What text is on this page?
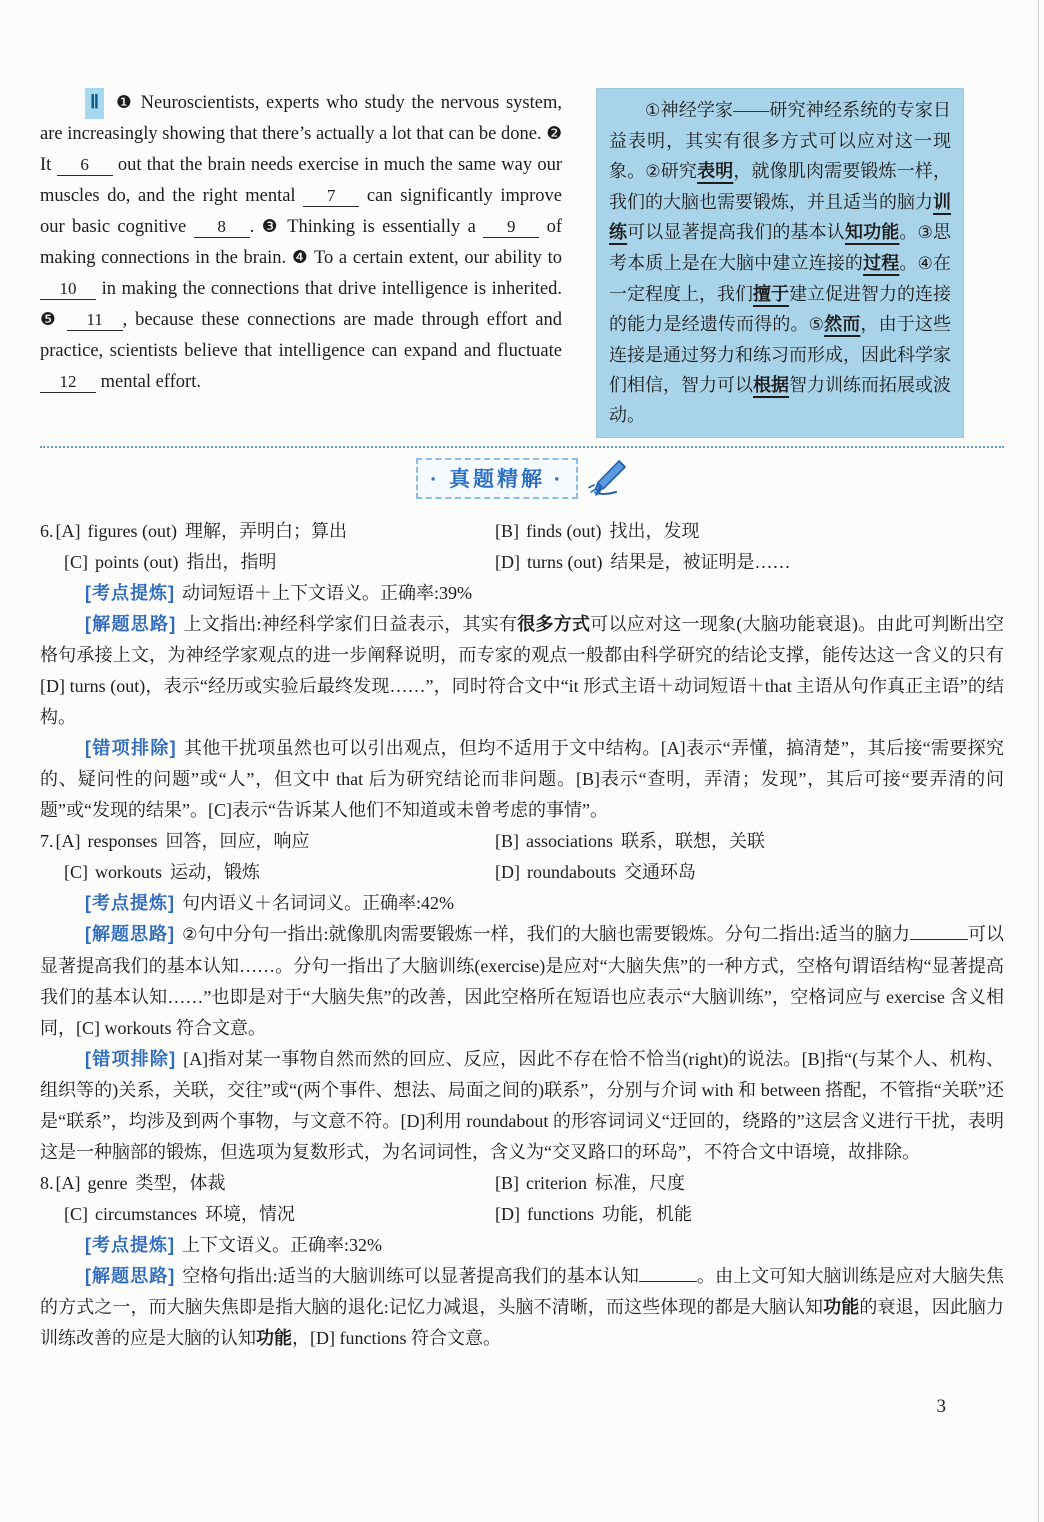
Ⅱ ❶ Neuroscientists, experts who study the nervous system, are increasingly showing that there’s actually a lot that can be done. ❷ It 6 out that the brain needs exercise in much the same way our muscles do, and the right mental 7 can significantly improve our basic cognitive 8 . ❸ Thinking is essentially a 9 of making connections in the brain. ❹ To a certain extent, our ability to 10 in making the connections that drive intelligence is inherited. ❺ 11 , because these connections are made through effort and practice, scientists believe that intelligence can expand and fluctuate 12 mental effort.

①神经学家——研究神经系统的专家日益表明，其实有很多方式可以应对这一现象。②研究表明，就像肌肉需要锻炼一样，我们的大脑也需要锻炼，并且适当的脑力训练可以显著提高我们的基本认知功能。③思考本质上是在大脑中建立连接的过程。④在一定程度上，我们擅于建立促进智力的连接的能力是经遗传而得的。⑤然而，由于这些连接是通过努力和练习而形成，因此科学家们相信，智力可以根据智力训练而拓展或波动。

· 真题精解 ·
6. [A] figures (out) 理解，弄明白；算出	[B] finds (out) 找出，发现
[C] points (out) 指出，指明	[D] turns (out) 结果是，被证明是……
[考点提炼] 动词短语＋上下文语义。正确率:39%

[解题思路] 上文指出:神经科学家们日益表示，其实有很多方式可以应对这一现象(大脑功能衰退)。由此可判断出空格句承接上文，为神经学家观点的进一步阐释说明，而专家的观点一般都由科学研究的结论支撑，能传达这一含义的只有[D] turns (out)，表示“经历或实验后最终发现……”，同时符合文中“it 形式主语＋动词短语＋that 主语从句作真正主语”的结构。

[错项排除] 其他干扰项虽然也可以引出观点，但均不适用于文中结构。[A]表示“弄懂，搞清楚”，其后接“需要探究的、疑问性的问题”或“人”，但文中 that 后为研究结论而非问题。[B]表示“查明，弄清；发现”，其后可接“要弄清的问题”或“发现的结果”。[C]表示“告诉某人他们不知道或未曾考虑的事情”。

7. [A] responses 回答，回应，响应	[B] associations 联系，联想，关联
[C] workouts 运动，锻炼	[D] roundabouts 交通环岛
[考点提炼] 句内语义＋名词词义。正确率:42%

[解题思路] ②句中分句一指出:就像肌肉需要锻炼一样，我们的大脑也需要锻炼。分句二指出:适当的脑力	可以显著提高我们的基本认知……。分句一指出了大脑训练(exercise)是应对“大脑失焦”的一种方式，空格句谓语结构“显著提高我们的基本认知……”也即是对于“大脑失焦”的改善，因此空格所在短语也应表示“大脑训练”，空格词应与 exercise 含义相同，[C] workouts 符合文意。

[错项排除] [A]指对某一事物自然而然的回应、反应，因此不存在恰不恰当(right)的说法。[B]指“(与某个人、机构、组织等的)关系，关联，交往”或“(两个事件、想法、局面之间的)联系”，分别与介词 with 和 between 搭配，不管指“关联”还是“联系”，均涉及到两个事物，与文意不符。[D]利用 roundabout 的形容词词义“迂回的，绕路的”这层含义进行干扰，表明这是一种脑部的锻炼，但选项为复数形式，为名词词性，含义为“交叉路口的环岛”，不符合文中语境，故排除。

8. [A] genre 类型，体裁	[B] criterion 标准，尺度
[C] circumstances 环境，情况	[D] functions 功能，机能
[考点提炼] 上下文语义。正确率:32%

[解题思路] 空格句指出:适当的大脑训练可以显著提高我们的基本认知	。由上文可知大脑训练是应对大脑失焦的方式之一，而大脑失焦即是指大脑的退化:记忆力减退，头脑不清晰，而这些体现的都是大脑认知功能的衰退，因此脑力训练改善的应是大脑的认知功能，[D] functions 符合文意。

3
